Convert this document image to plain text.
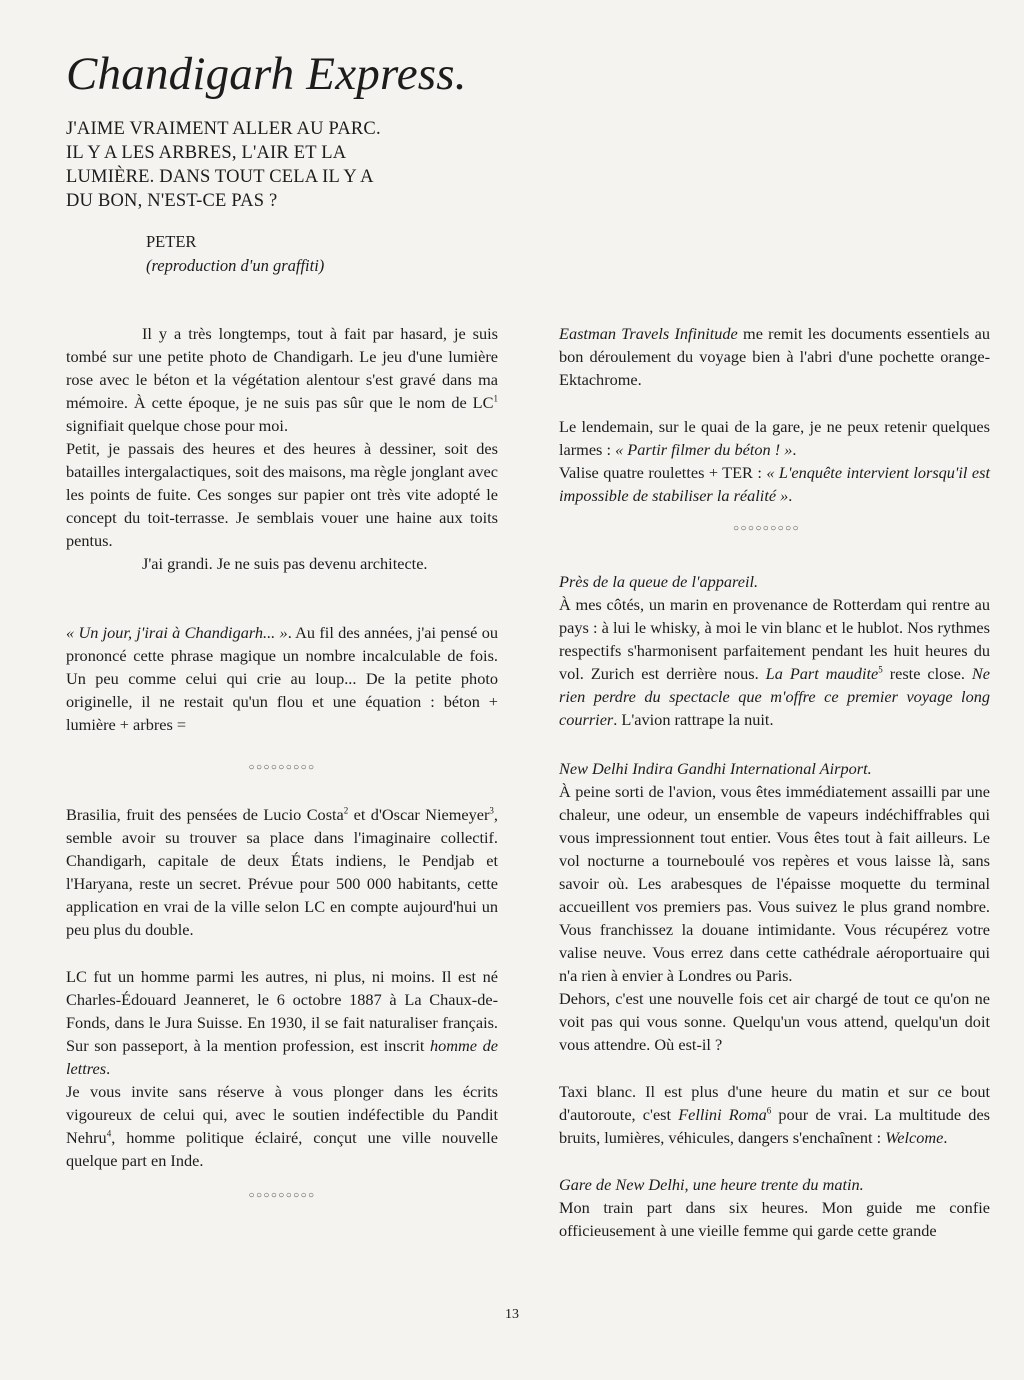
Chandigarh Express.
J'AIME VRAIMENT ALLER AU PARC.
IL Y A LES ARBRES, L'AIR ET LA
LUMIÈRE. DANS TOUT CELA IL Y A
DU BON, N'EST-CE PAS ?
PETER
(reproduction d'un graffiti)

Il y a très longtemps, tout à fait par hasard, je suis tombé sur une petite photo de Chandigarh. Le jeu d'une lumière rose avec le béton et la végétation alentour s'est gravé dans ma mémoire. À cette époque, je ne suis pas sûr que le nom de $LC^1$ signifiait quelque chose pour moi.

Petit, je passais des heures et des heures à dessiner, soit des batailles intergalactiques, soit des maisons, ma règle jonglant avec les points de fuite. Ces songes sur papier ont très vite adopté le concept du toit-terrasse. Je semblais vouer une haine aux toits pentus.

J'ai grandi. Je ne suis pas devenu architecte.

« Un jour, j'irai à Chandigarh... ». Au fil des années, j'ai pensé ou prononcé cette phrase magique un nombre incalculable de fois. Un peu comme celui qui crie au loup... De la petite photo originelle, il ne restait qu'un flou et une équation : béton + lumière + arbres =

○○○○○○○○○

Brasilia, fruit des pensées de Lucio Costa$^2$ et d'Oscar Niemeyer$^3$, semble avoir su trouver sa place dans l'imaginaire collectif. Chandigarh, capitale de deux États indiens, le Pendjab et l'Haryana, reste un secret. Prévue pour 500 000 habitants, cette application en vrai de la ville selon LC en compte aujourd'hui un peu plus du double.

LC fut un homme parmi les autres, ni plus, ni moins. Il est né Charles-Édouard Jeanneret, le 6 octobre 1887 à La Chaux-de-Fonds, dans le Jura Suisse. En 1930, il se fait naturaliser français. Sur son passeport, à la mention profession, est inscrit homme de lettres.

Je vous invite sans réserve à vous plonger dans les écrits vigoureux de celui qui, avec le soutien indéfectible du Pandit Nehru$^4$, homme politique éclairé, conçut une ville nouvelle quelque part en Inde.

○○○○○○○○○

Eastman Travels Infinitude me remit les documents essentiels au bon déroulement du voyage bien à l'abri d'une pochette orange-Ektachrome.

Le lendemain, sur le quai de la gare, je ne peux retenir quelques larmes : « Partir filmer du béton ! ».

Valise quatre roulettes + TER : « L'enquête intervient lorsqu'il est impossible de stabiliser la réalité ».

○○○○○○○○○

Près de la queue de l'appareil.

À mes côtés, un marin en provenance de Rotterdam qui rentre au pays : à lui le whisky, à moi le vin blanc et le hublot. Nos rythmes respectifs s'harmonisent parfaitement pendant les huit heures du vol. Zurich est derrière nous. La Part maudite$^5$ reste close. Ne rien perdre du spectacle que m'offre ce premier voyage long courrier. L'avion rattrape la nuit.

New Delhi Indira Gandhi International Airport.

À peine sorti de l'avion, vous êtes immédiatement assailli par une chaleur, une odeur, un ensemble de vapeurs indéchiffrables qui vous impressionnent tout entier. Vous êtes tout à fait ailleurs. Le vol nocturne a tourneboulé vos repères et vous laisse là, sans savoir où. Les arabesques de l'épaisse moquette du terminal accueillent vos premiers pas. Vous suivez le plus grand nombre. Vous franchissez la douane intimidante. Vous récupérez votre valise neuve. Vous errez dans cette cathédrale aéroportuaire qui n'a rien à envier à Londres ou Paris.

Dehors, c'est une nouvelle fois cet air chargé de tout ce qu'on ne voit pas qui vous sonne. Quelqu'un vous attend, quelqu'un doit vous attendre. Où est-il ?

Taxi blanc. Il est plus d'une heure du matin et sur ce bout d'autoroute, c'est Fellini Roma$^6$ pour de vrai. La multitude des bruits, lumières, véhicules, dangers s'enchaînent : Welcome.

Gare de New Delhi, une heure trente du matin.

Mon train part dans six heures. Mon guide me confie officieusement à une vieille femme qui garde cette grande

13
